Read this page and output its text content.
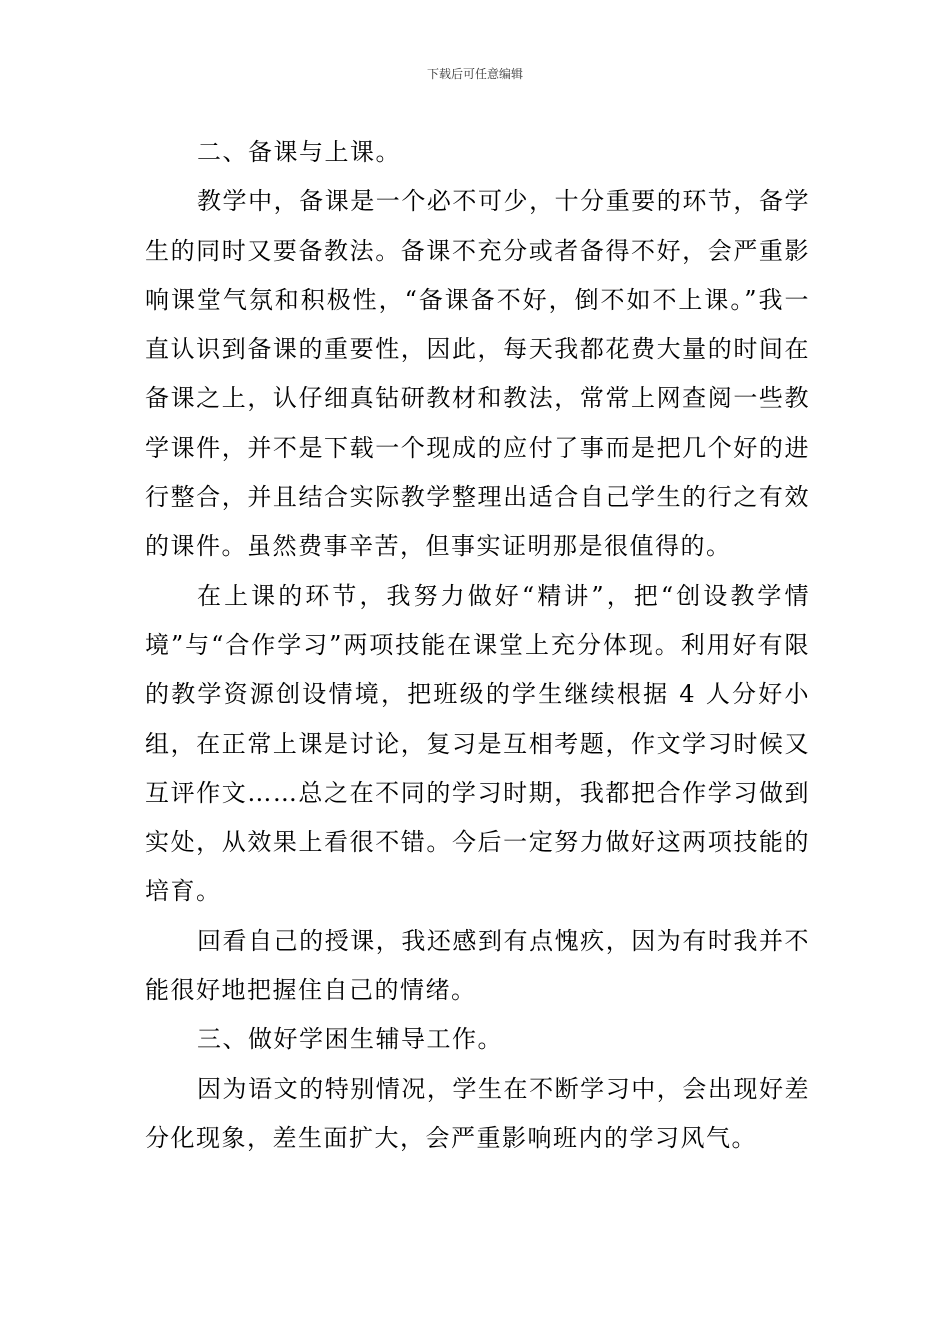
下载后可任意编辑

二、备课与上课。

教学中，备课是一个必不可少，十分重要的环节，备学生的同时又要备教法。备课不充分或者备得不好，会严重影响课堂气氛和积极性，“备课备不好，倒不如不上课。”我一直认识到备课的重要性，因此，每天我都花费大量的时间在备课之上，认仔细真钻研教材和教法，常常上网查阅一些教学课件，并不是下载一个现成的应付了事而是把几个好的进行整合，并且结合实际教学整理出适合自己学生的行之有效的课件。虽然费事辛苦，但事实证明那是很值得的。

在上课的环节，我努力做好“精讲”，把“创设教学情境”与“合作学习”两项技能在课堂上充分体现。利用好有限的教学资源创设情境，把班级的学生继续根据 4 人分好小组，在正常上课是讨论，复习是互相考题，作文学习时候又互评作文……总之在不同的学习时期，我都把合作学习做到实处，从效果上看很不错。今后一定努力做好这两项技能的培育。

回看自己的授课，我还感到有点愧疚，因为有时我并不能很好地把握住自己的情绪。

三、做好学困生辅导工作。

因为语文的特别情况，学生在不断学习中，会出现好差分化现象，差生面扩大，会严重影响班内的学习风气。
